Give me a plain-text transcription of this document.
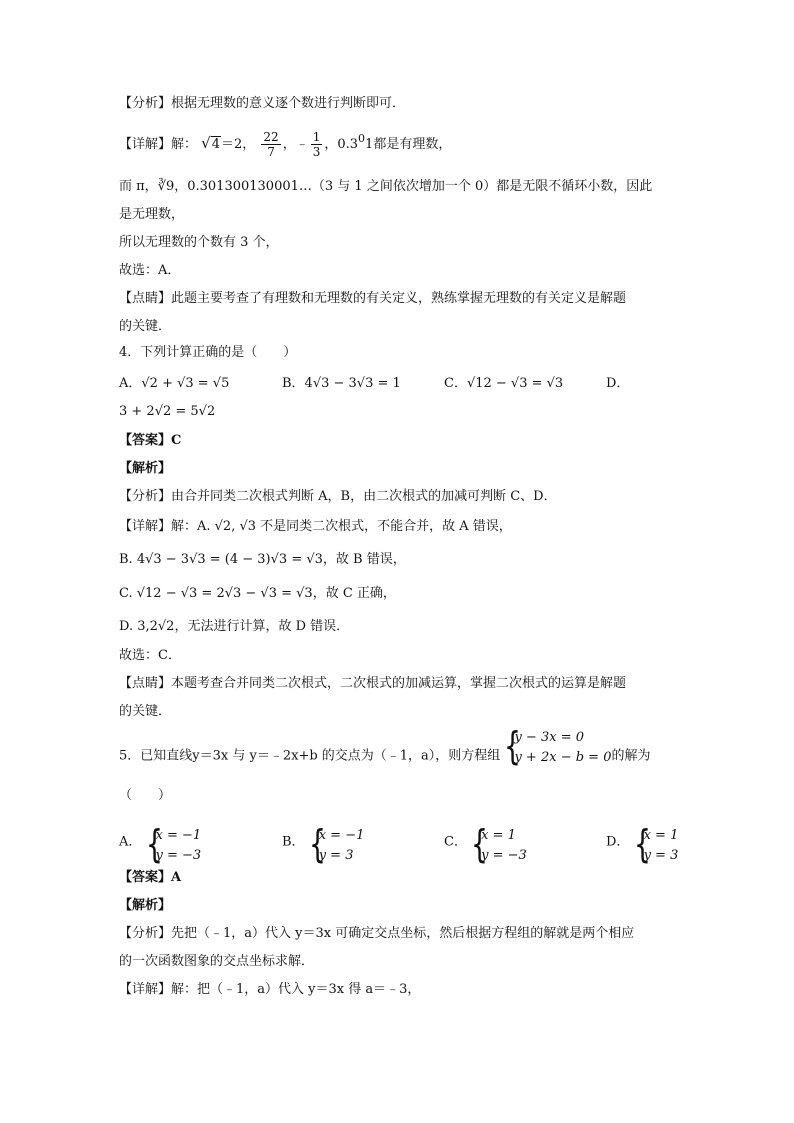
【分析】根据无理数的意义逐个数进行判断即可．
【详解】解： √4＝2， $\frac{22}{7}$ ，﹣ $\frac{1}{3}$ ，$0.3^01$都是有理数，
而 π，∛9，0.301300130001…（3 与 1 之间依次增加一个 0）都是无限不循环小数，因此
是无理数，
所以无理数的个数有 3 个，
故选：A．
【点睛】此题主要考查了有理数和无理数的有关定义，熟练掌握无理数的有关定义是解题
的关键．
4．下列计算正确的是（　　）
A．√2 + √3 = √5	B．4√3 − 3√3 = 1	C．√12 − √3 = √3	D．
3 + 2√2 = 5√2
【答案】C
【解析】
【分析】由合并同类二次根式判断 A，B，由二次根式的加减可判断 C、D．
【详解】解：A. √2, √3 不是同类二次根式，不能合并，故 A 错误，
B. 4√3 − 3√3 = (4 − 3)√3 = √3，故 B 错误，
C. √12 − √3 = 2√3 − √3 = √3，故 C 正确，
D. 3,2√2，无法进行计算，故 D 错误．
故选：C．
【点睛】本题考查合并同类二次根式，二次根式的加减运算，掌握二次根式的运算是解题
的关键．
5．已知直线y＝3x 与 y＝﹣2x+b 的交点为（﹣1，a），则方程组 {
y − 3x = 0
y + 2x − b = 0 的解为
（　　）
A． {
x = −1
y = −3
B． {
x = −1
y = 3
C． {
x = 1
y = −3
D． {
x = 1
y = 3
【答案】A
【解析】
【分析】先把（﹣1，a）代入 y＝3x 可确定交点坐标，然后根据方程组的解就是两个相应
的一次函数图象的交点坐标求解．
【详解】解：把（﹣1，a）代入 y＝3x 得 a＝﹣3，
